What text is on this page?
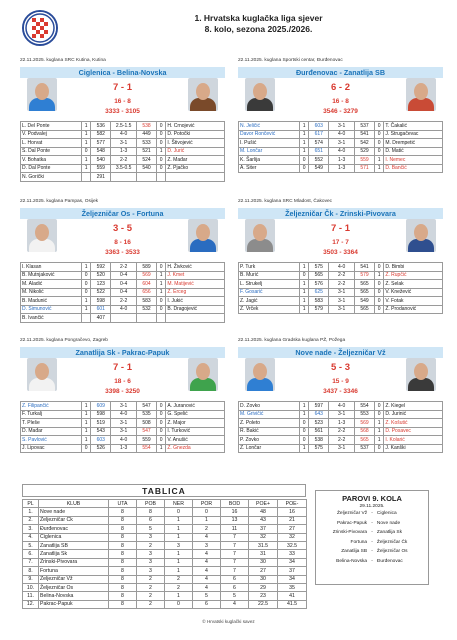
1. Hrvatska kuglačka liga sjever
8. kolo, sezona 2025./2026.
22.11.2025. kuglana SRC Kutina, Kutina
Ciglenica - Belina-Novska
7 - 1
16 - 8
3333 - 3105
L. Del Ponte	1	536	2.5-1.5	538	0	H. Crnojević
V. Podvalej	1	582	4-0	449	0	D. Potočki
L. Horvat	1	577	3-1	533	0	I. Štivojević
S. Dal Ponte	0	548	1-3	521	1	D. Jurić
V. Bohatka	1	540	2-2	524	0	Z. Mađar
D. Dal Ponte	1	559	3.5-0.5	540	0	Z. Pjačko
N. Gorički		291				
22.11.2025. kuglana Sportski centar, Đurđenovac
Đurđenovac - Zanatlija SB
6 - 2
16 - 8
3546 - 3279
N. Jeličić	1	603	3-1	537	0	T. Čakalić
Davor Rončević	1	617	4-0	541	0	J. Strugačevac
I. Pušić	1	574	3-1	542	0	M. Drempetić
M. Lončar	1	651	4-0	529	0	D. Matić
K. Šarlija	0	552	1-3	559	1	I. Nemec
A. Šiter	0	549	1-3	571	1	D. Bančić
22.11.2025. kuglana Pampas, Osijek
Željezničar Os - Fortuna
3 - 5
8 - 16
3363 - 3533
I. Klasan	1	592	2-2	589	0	H. Živković
B. Mutnjaković	0	520	0-4	569	1	J. Kmet
M. Aladić	0	123	0-4	604	1	M. Matijević
M. Nikolić	0	522	0-4	656	1	Z. Erceg
B. Madunić	1	598	2-2	583	0	I. Jukić
D. Šimunović	1	601	4-0	532	0	B. Dragojević
B. Ivančić		407				
22.11.2025. kuglana SRC Mladost, Čakovec
Željezničar Čk - Zrinski-Pivovara
7 - 1
17 - 7
3503 - 3364
P. Turk	1	575	4-0	541	0	D. Bimbi
B. Murić	0	565	2-2	579	1	Z. Rupčić
L. Strukelj	1	576	2-2	565	0	Z. Selak
F. Gosarić	1	625	3-1	565	0	V. Knežević
Z. Jagić	1	583	3-1	549	0	V. Fotak
Ž. Vrček	1	579	3-1	565	0	Z. Prodanović
22.11.2025. kuglana Pongračevo, Zagreb
Zanatlija Sk - Pakrac-Papuk
7 - 1
18 - 6
3398 - 3250
Z. Filipančić	1	609	3-1	547	0	A. Juranović
F. Turkalj	1	598	4-0	535	0	G. Špelić
T. Pleše	1	519	3-1	508	0	Z. Major
D. Mađar	1	543	3-1	547	0	I. Turković
S. Pavlović	1	603	4-0	559	0	V. Anušić
J. Lipovac	0	526	1-3	554	1	Z. Gnezda
22.11.2025. kuglana Gradska kuglana PŽ, Požega
Nove nade - Željezničar Vž
5 - 3
15 - 9
3437 - 3346
D. Zovko	1	597	4-0	554	0	Z. Kiegel
M. Grivičić	1	643	3-1	553	0	D. Jurinić
Z. Poleto	0	523	1-3	569	1	Z. Košutić
R. Bakić	0	561	2-2	568	1	D. Posavec
P. Zovko	0	538	2-2	565	1	I. Kolarić
Z. Lončar	1	575	3-1	537	0	J. Kanški
TABLICA
PL	KLUB	UTA	POB	NER	POR	BOD	POE+	POE-
1.	Nove nade	8	8	0	0	16	48	16
2.	Željezničar Čk	8	6	1	1	13	43	21
3.	Đurđenovac	8	5	1	2	11	37	27
4.	Ciglenica	8	3	1	4	7	32	32
5.	Zanatlija SB	8	2	3	3	7	31.5	32.5
6.	Zanatlija Sk	8	3	1	4	7	31	33
7.	Zrinski-Pivovara	8	3	1	4	7	30	34
8.	Fortuna	8	3	1	4	7	27	37
9.	Željezničar Vž	8	2	2	4	6	30	34
10.	Željezničar Os	8	2	2	4	6	29	35
11.	Belina-Novska	8	2	1	5	5	23	41
12.	Pakrac-Papuk	8	2	0	6	4	22.5	41.5
PAROVI 9. KOLA
29.11.2025.
Željezničar Vž - Ciglenica
Pakrac-Papuk - Nove nade
Zrinski-Pivovara - Zanatlija Sk
Fortuna - Željezničar Čk
Zanatlija SB - Željezničar Os
Belina-Novska - Đurđenovac
© Hrvatski kuglački savez
